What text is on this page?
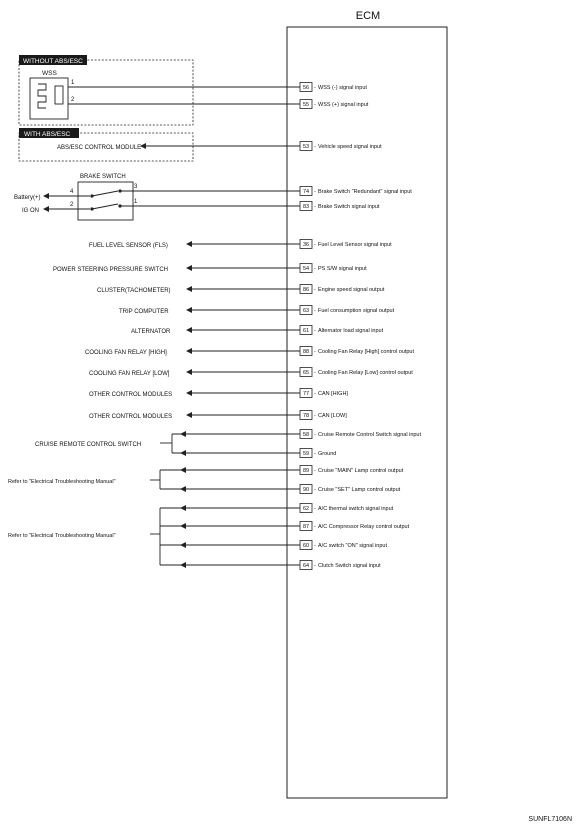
ECM
WITHOUT ABS/ESC
WSS
1
2
WITH ABS/ESC
ABS/ESC CONTROL MODULE
BRAKE SWITCH
Battery(+)
IG ON
4
2
3
1
FUEL LEVEL SENSOR (FLS)
POWER STEERING PRESSURE SWITCH
CLUSTER(TACHOMETER)
TRIP COMPUTER
ALTERNATOR
COOLING FAN RELAY [HIGH]
COOLING FAN RELAY [LOW]
OTHER CONTROL MODULES
OTHER CONTROL MODULES
CRUISE REMOTE CONTROL SWITCH
Refer to "Electrical Troubleshooting Manual"
Refer to "Electrical Troubleshooting Manual"
56 - WSS (-) signal input
55 - WSS (+) signal input
53 - Vehicle speed signal input
74 - Brake Switch "Redundant" signal input
83 - Brake Switch signal input
36 - Fuel Level Sensor signal input
54 - PS S/W signal input
86 - Engine speed signal output
63 - Fuel consumption signal output
61 - Alternator load signal input
88 - Cooling Fan Relay [High] control output
65 - Cooling Fan Relay [Low] control output
77 - CAN [HIGH]
78 - CAN [LOW]
58 - Cruise Remote Control Switch signal input
59 - Ground
89 - Cruise "MAIN" Lamp control output
90 - Cruise "SET" Lamp control output
62 - A/C thermal switch signal input
87 - A/C Compressor Relay control output
60 - A/C switch "ON" signal input
64 - Clutch Switch signal input
SUNFL7106N
